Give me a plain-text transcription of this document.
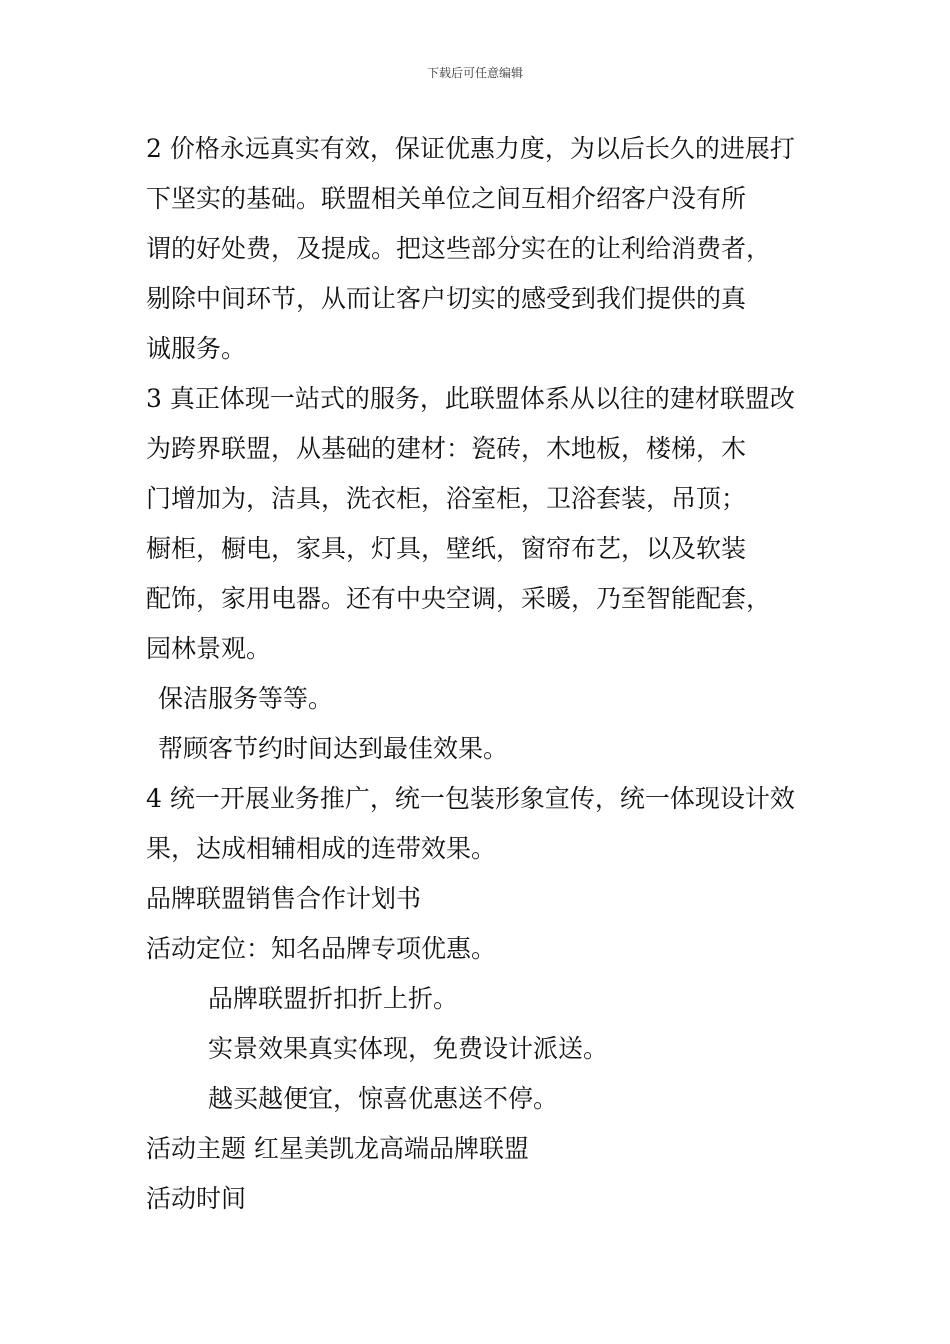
下载后可任意编辑
2 价格永远真实有效，保证优惠力度，为以后长久的进展打
下坚实的基础。联盟相关单位之间互相介绍客户没有所
谓的好处费，及提成。把这些部分实在的让利给消费者，
剔除中间环节，从而让客户切实的感受到我们提供的真
诚服务。
3 真正体现一站式的服务，此联盟体系从以往的建材联盟改
为跨界联盟，从基础的建材：瓷砖，木地板，楼梯，木
门增加为，洁具，洗衣柜，浴室柜，卫浴套装，吊顶；
橱柜，橱电，家具，灯具，壁纸，窗帘布艺，以及软装
配饰，家用电器。还有中央空调，采暖，乃至智能配套，
园林景观。
保洁服务等等。
帮顾客节约时间达到最佳效果。
4 统一开展业务推广，统一包装形象宣传，统一体现设计效
果，达成相辅相成的连带效果。
品牌联盟销售合作计划书
活动定位：知名品牌专项优惠。
品牌联盟折扣折上折。
实景效果真实体现，免费设计派送。
越买越便宜，惊喜优惠送不停。
活动主题 红星美凯龙高端品牌联盟
活动时间
